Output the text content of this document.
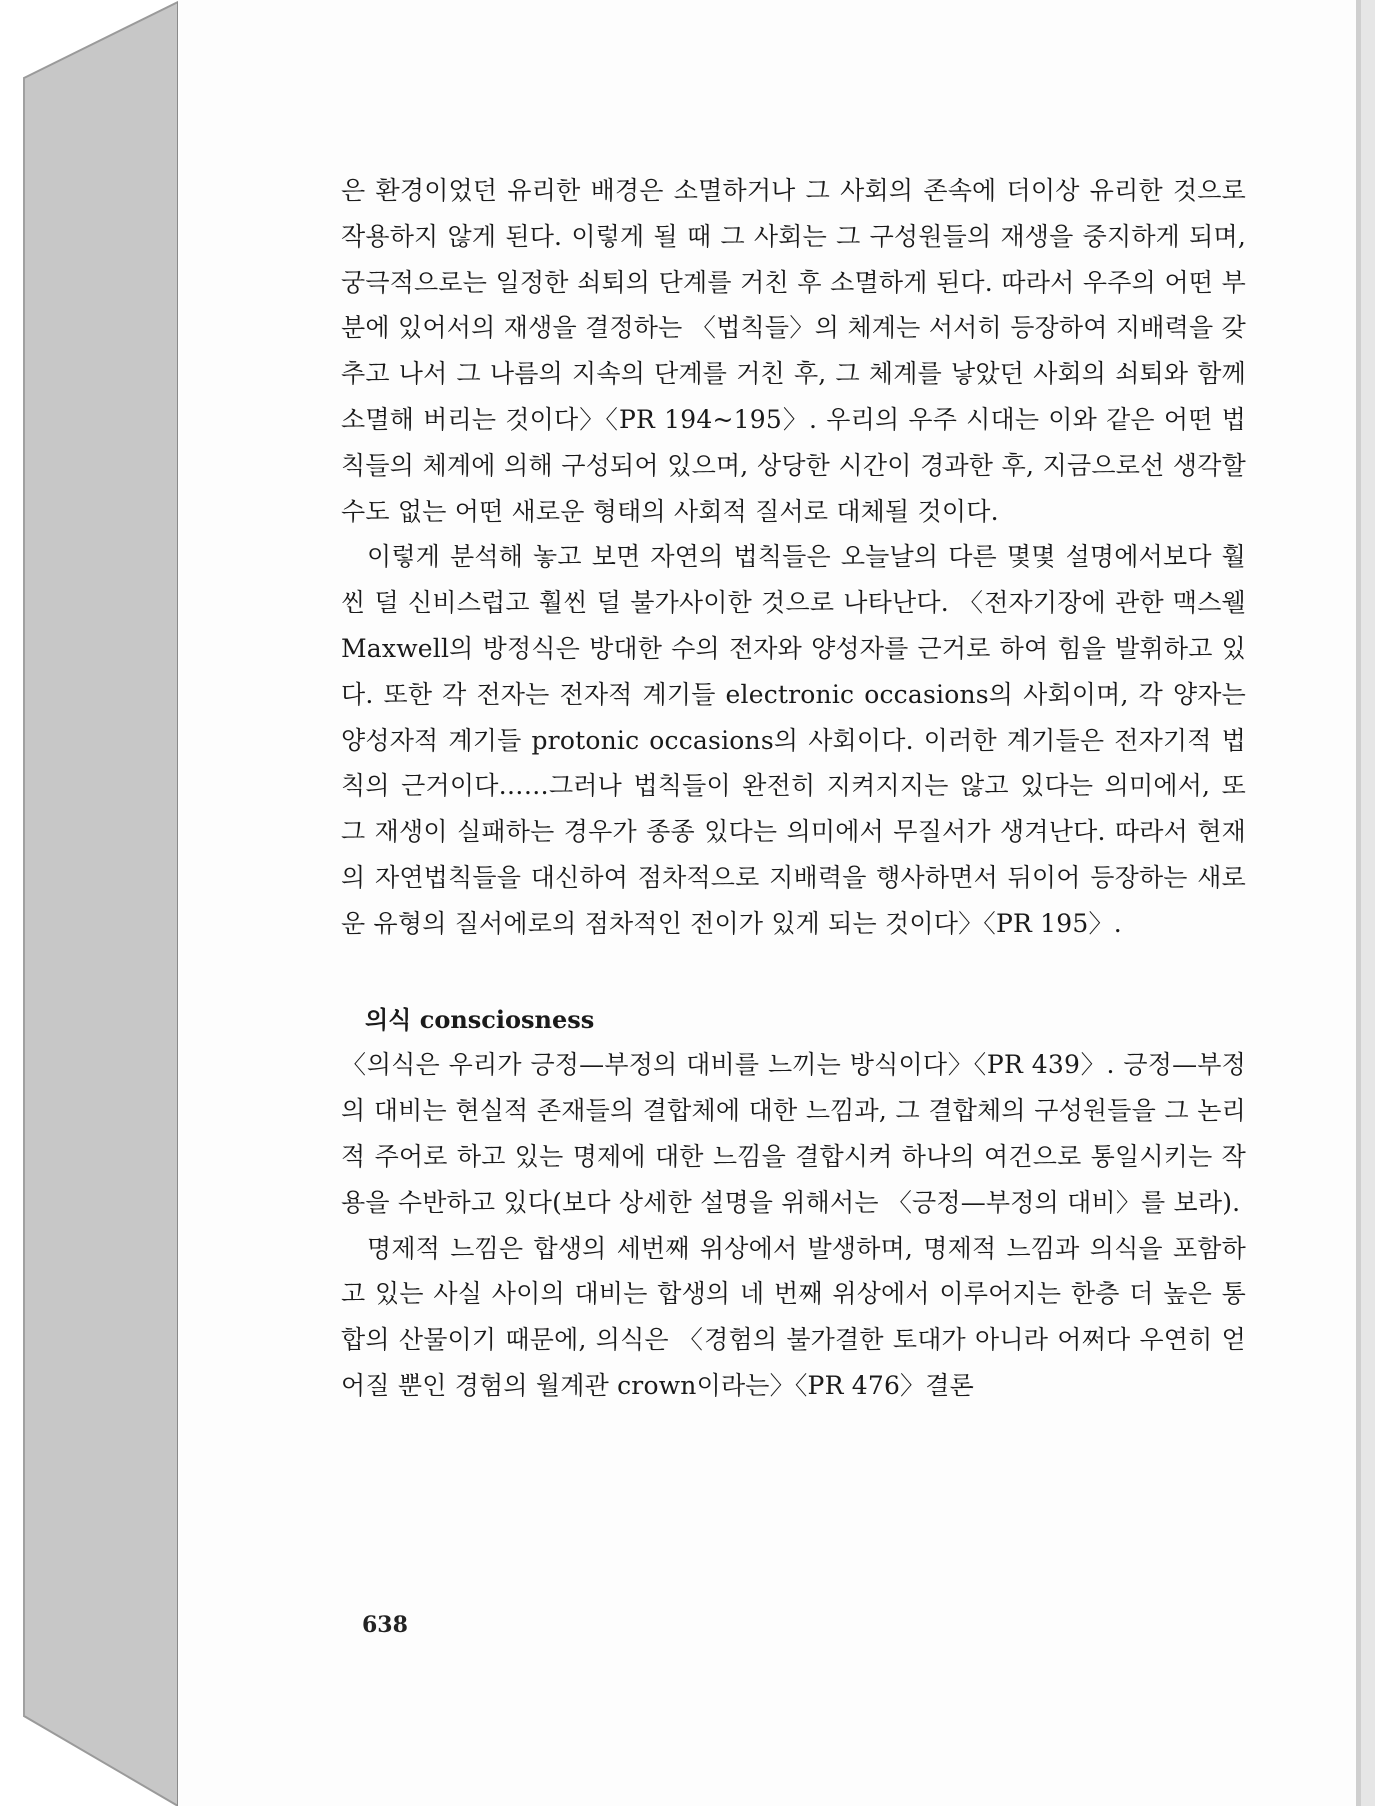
은 환경이었던 유리한 배경은 소멸하거나 그 사회의 존속에 더이상 유리한 것으로 작용하지 않게 된다. 이렇게 될 때 그 사회는 그 구성원들의 재생을 중지하게 되며, 궁극적으로는 일정한 쇠퇴의 단계를 거친 후 소멸하게 된다. 따라서 우주의 어떤 부분에 있어서의 재생을 결정하는 〈법칙들〉의 체계는 서서히 등장하여 지배력을 갖추고 나서 그 나름의 지속의 단계를 거친 후, 그 체계를 낳았던 사회의 쇠퇴와 함께 소멸해 버리는 것이다〉〈PR 194~195〉. 우리의 우주 시대는 이와 같은 어떤 법칙들의 체계에 의해 구성되어 있으며, 상당한 시간이 경과한 후, 지금으로선 생각할 수도 없는 어떤 새로운 형태의 사회적 질서로 대체될 것이다.

이렇게 분석해 놓고 보면 자연의 법칙들은 오늘날의 다른 몇몇 설명에서보다 훨씬 덜 신비스럽고 훨씬 덜 불가사이한 것으로 나타난다. 〈전자기장에 관한 맥스웰 Maxwell의 방정식은 방대한 수의 전자와 양성자를 근거로 하여 힘을 발휘하고 있다. 또한 각 전자는 전자적 계기들 electronic occasions의 사회이며, 각 양자는 양성자적 계기들 protonic occasions의 사회이다. 이러한 계기들은 전자기적 법칙의 근거이다……그러나 법칙들이 완전히 지켜지지는 않고 있다는 의미에서, 또 그 재생이 실패하는 경우가 종종 있다는 의미에서 무질서가 생겨난다. 따라서 현재의 자연법칙들을 대신하여 점차적으로 지배력을 행사하면서 뒤이어 등장하는 새로운 유형의 질서에로의 점차적인 전이가 있게 되는 것이다〉〈PR 195〉.

의식 consciosness

〈의식은 우리가 긍정—부정의 대비를 느끼는 방식이다〉〈PR 439〉. 긍정—부정의 대비는 현실적 존재들의 결합체에 대한 느낌과, 그 결합체의 구성원들을 그 논리적 주어로 하고 있는 명제에 대한 느낌을 결합시켜 하나의 여건으로 통일시키는 작용을 수반하고 있다(보다 상세한 설명을 위해서는 〈긍정—부정의 대비〉를 보라).

명제적 느낌은 합생의 세번째 위상에서 발생하며, 명제적 느낌과 의식을 포함하고 있는 사실 사이의 대비는 합생의 네 번째 위상에서 이루어지는 한층 더 높은 통합의 산물이기 때문에, 의식은 〈경험의 불가결한 토대가 아니라 어쩌다 우연히 얻어질 뿐인 경험의 월계관 crown이라는〉〈PR 476〉결론

638
